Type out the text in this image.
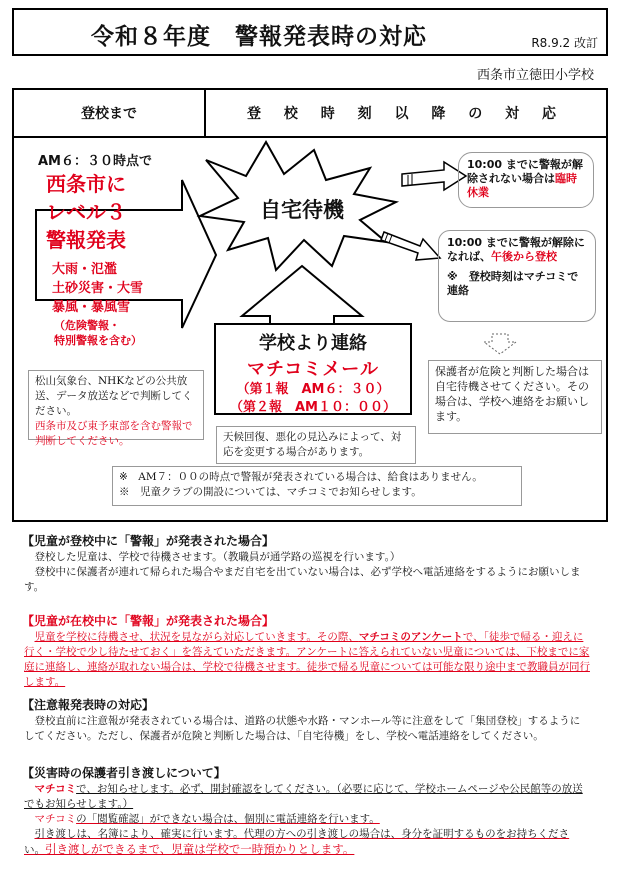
令和８年度　警報発表時の対応	R8.9.2 改訂
西条市立徳田小学校
登校まで	登 校 時 刻 以 降 の 対 応
AM６：３０時点で
西条市に
レベル３
警報発表
大雨・氾濫
土砂災害・大雪
暴風・暴風雪
（危険警報・
特別警報を含む）
松山気象台、NHKなどの公共放送、データ放送などで判断してください。
西条市及び東予東部を含む警報で判断してください。
自宅待機
学校より連絡
マチコミメール
（第１報　AM６：３０）
（第２報　AM１０：００）
天候回復、悪化の見込みによって、対応を変更する場合があります。
10:00 までに警報が解除されない場合は臨時休業
10:00 までに警報が解除になれば、午後から登校
※　登校時刻はマチコミで連絡
保護者が危険と判断した場合は自宅待機させてください。その場合は、学校へ連絡をお願いします。
※　AM７：００の時点で警報が発表されている場合は、給食はありません。
※　児童クラブの開設については、マチコミでお知らせします。
【児童が登校中に「警報」が発表された場合】
登校した児童は、学校で待機させます。（教職員が通学路の巡視を行います。）
登校中に保護者が連れて帰られた場合やまだ自宅を出ていない場合は、必ず学校へ電話連絡をするようにお願いします。
【児童が在校中に「警報」が発表された場合】
児童を学校に待機させ、状況を見ながら対応していきます。その際、マチコミのアンケートで、「徒歩で帰る・迎えに行く・学校で少し待たせておく」を答えていただきます。アンケートに答えられていない児童については、下校までに家庭に連絡し、連絡が取れない場合は、学校で待機させます。徒歩で帰る児童については可能な限り途中まで教職員が同行します。
【注意報発表時の対応】
登校直前に注意報が発表されている場合は、道路の状態や水路・マンホール等に注意をして「集団登校」するようにしてください。ただし、保護者が危険と判断した場合は、「自宅待機」をし、学校へ電話連絡をしてください。
【災害時の保護者引き渡しについて】
マチコミで、お知らせします。必ず、開封確認をしてください。（必要に応じて、学校ホームページや公民館等の放送でもお知らせします。）
マチコミの「閲覧確認」ができない場合は、個別に電話連絡を行います。
引き渡しは、名簿により、確実に行います。代理の方への引き渡しの場合は、身分を証明するものをお持ちください。引き渡しができるまで、児童は学校で一時預かりとします。
